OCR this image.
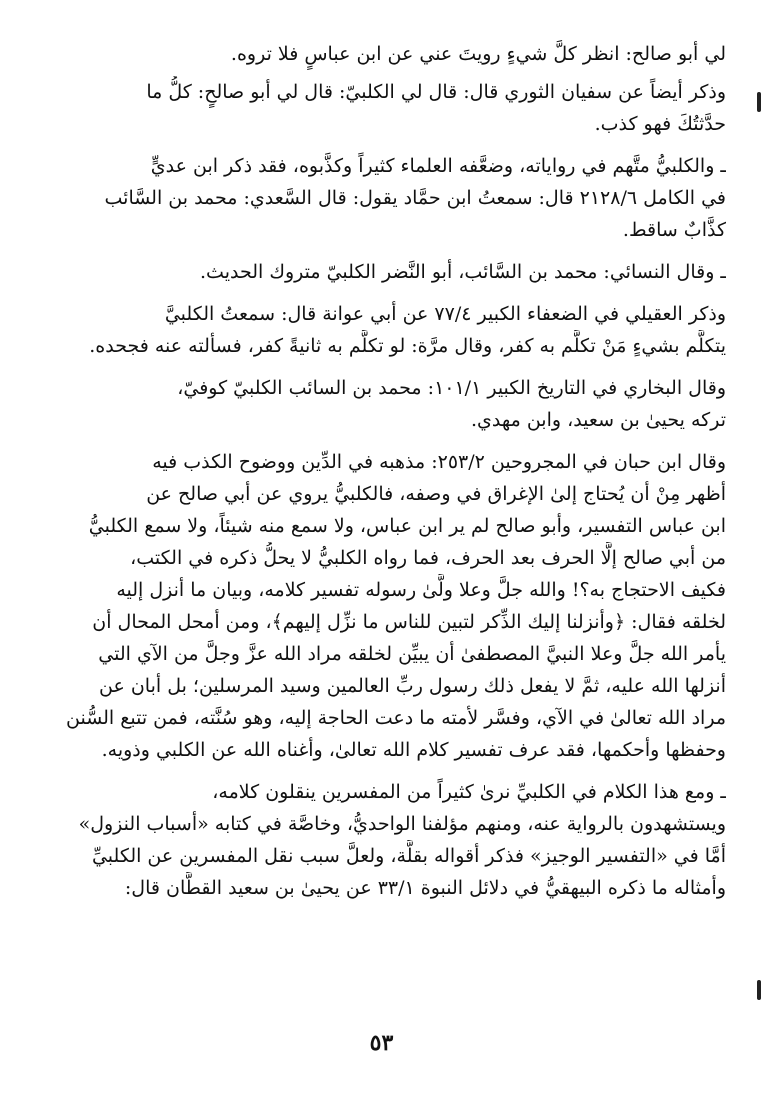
لي أبو صالح: انظر كلَّ شيءٍ رويتَ عني عن ابن عباسٍ فلا تروه.

وذكر أيضاً عن سفيان الثوري قال: قال لي الكلبيّ: قال لي أبو صالحٍ: كلُّ ما
حدَّثتُكَ فهو كذب.

ـ والكلبيُّ متَّهم في رواياته، وضعَّفه العلماء كثيراً وكذَّبوه، فقد ذكر ابن عديٍّ
في الكامل ٢١٢٨/٦ قال: سمعتُ ابن حمَّاد يقول: قال السَّعدي: محمد بن السَّائب
كذَّابٌ ساقط.

ـ وقال النسائي: محمد بن السَّائب، أبو النَّضر الكلبيّ متروك الحديث.

وذكر العقيلي في الضعفاء الكبير ٧٧/٤ عن أبي عوانة قال: سمعتُ الكلبيَّ
يتكلَّم بشيءٍ مَنْ تكلَّم به كفر، وقال مرَّة: لو تكلَّم به ثانيةً كفر، فسألته عنه فجحده.

وقال البخاري في التاريخ الكبير ١٠١/١: محمد بن السائب الكلبيّ كوفيّ،
تركه يحيىٰ بن سعيد، وابن مهدي.

وقال ابن حبان في المجروحين ٢٥٣/٢: مذهبه في الدِّين ووضوح الكذب فيه
أظهر مِنْ أن يُحتاج إلىٰ الإغراق في وصفه، فالكلبيُّ يروي عن أبي صالح عن
ابن عباس التفسير، وأبو صالح لم ير ابن عباس، ولا سمع منه شيئاً، ولا سمع الكلبيُّ
من أبي صالح إلَّا الحرف بعد الحرف، فما رواه الكلبيُّ لا يحلُّ ذكره في الكتب،
فكيف الاحتجاج به؟! والله جلَّ وعلا ولَّىٰ رسوله تفسير كلامه، وبيان ما أنزل إليه
لخلقه فقال: ﴿وأنزلنا إليك الذِّكر لتبين للناس ما نزِّل إليهم﴾، ومن أمحل المحال أن
يأمر الله جلَّ وعلا النبيَّ المصطفىٰ أن يبيِّن لخلقه مراد الله عزَّ وجلَّ من الآي التي
أنزلها الله عليه، ثمَّ لا يفعل ذلك رسول ربِّ العالمين وسيد المرسلين؛ بل أبان عن
مراد الله تعالىٰ في الآي، وفسَّر لأمته ما دعت الحاجة إليه، وهو سُنَّته، فمن تتبع السُّنن
وحفظها وأحكمها، فقد عرف تفسير كلام الله تعالىٰ، وأغناه الله عن الكلبي وذويه.

ـ ومع هذا الكلام في الكلبيِّ نرىٰ كثيراً من المفسرين ينقلون كلامه،
ويستشهدون بالرواية عنه، ومنهم مؤلفنا الواحديُّ، وخاصَّة في كتابه «أسباب النزول»
أمَّا في «التفسير الوجيز» فذكر أقواله بقلَّة، ولعلَّ سبب نقل المفسرين عن الكلبيِّ
وأمثاله ما ذكره البيهقيُّ في دلائل النبوة ٣٣/١ عن يحيىٰ بن سعيد القطَّان قال:

٥٣
